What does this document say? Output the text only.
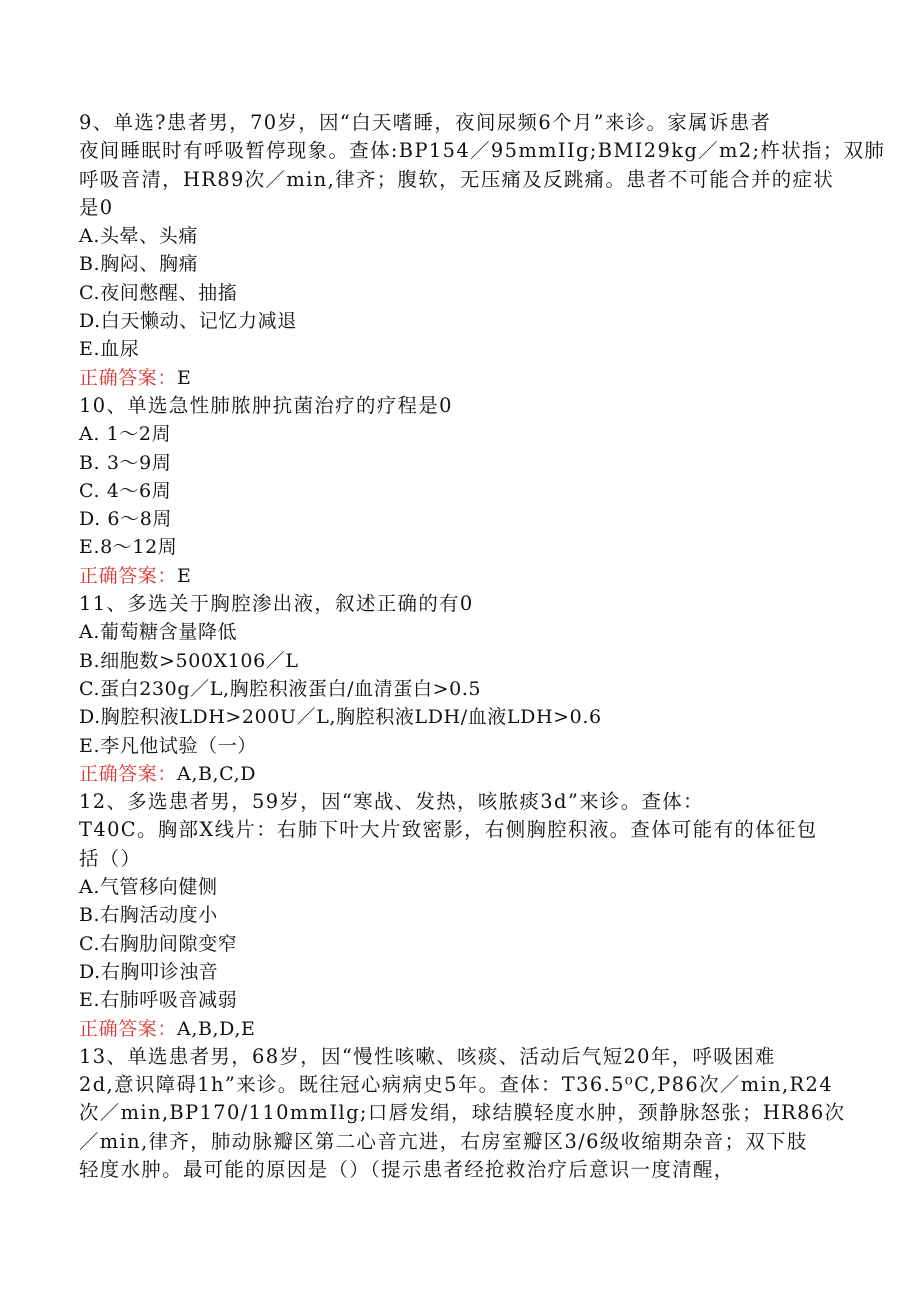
9、单选?患者男，70岁，因“白天嗜睡，夜间尿频6个月”来诊。家属诉患者
夜间睡眠时有呼吸暂停现象。查体:BP154／95mmIIg;BMI29kg／m2;杵状指；双肺
呼吸音清，HR89次／min,律齐；腹软，无压痛及反跳痛。患者不可能合并的症状
是0
A.头晕、头痛
B.胸闷、胸痛
C.夜间憋醒、抽搐
D.白天懒动、记忆力减退
E.血尿
正确答案：E
10、单选急性肺脓肿抗菌治疗的疗程是0
A. 1～2周
B. 3～9周
C. 4～6周
D. 6～8周
E.8～12周
正确答案：E
11、多选关于胸腔渗出液，叙述正确的有0
A.葡萄糖含量降低
B.细胞数>500X106／L
C.蛋白230g／L,胸腔积液蛋白/血清蛋白>0.5
D.胸腔积液LDH>200U／L,胸腔积液LDH/血液LDH>0.6
E.李凡他试验（一）
正确答案：A,B,C,D
12、多选患者男，59岁，因“寒战、发热，咳脓痰3d”来诊。查体：
T40C。胸部X线片：右肺下叶大片致密影，右侧胸腔积液。查体可能有的体征包
括（）
A.气管移向健侧
B.右胸活动度小
C.右胸肋间隙变窄
D.右胸叩诊浊音
E.右肺呼吸音减弱
正确答案：A,B,D,E
13、单选患者男，68岁，因“慢性咳嗽、咳痰、活动后气短20年，呼吸困难
2d,意识障碍1h”来诊。既往冠心病病史5年。查体：T36.5⁰C,P86次／min,R24
次／min,BP170/110mmIlg;口唇发绢，球结膜轻度水肿，颈静脉怒张；HR86次
／min,律齐，肺动脉瓣区第二心音亢进，右房室瓣区3/6级收缩期杂音；双下肢
轻度水肿。最可能的原因是（）（提示患者经抢救治疗后意识一度清醒，
